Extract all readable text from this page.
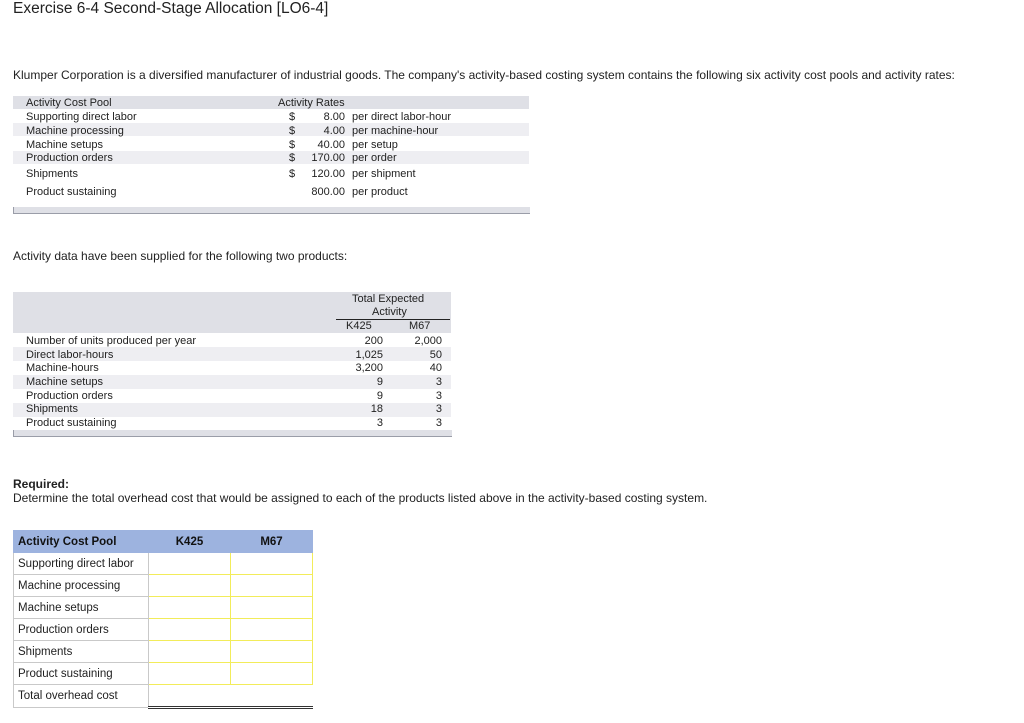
Exercise 6-4 Second-Stage Allocation [LO6-4]
Klumper Corporation is a diversified manufacturer of industrial goods. The company's activity-based costing system contains the following six activity cost pools and activity rates:
Activity Cost Pool	Activity Rates
Supporting direct labor	$	8.00 per direct labor-hour
Machine processing	$	4.00 per machine-hour
Machine setups	$	40.00 per setup
Production orders	$	170.00 per order
Shipments	$	120.00 per shipment
Product sustaining	800.00 per product
Activity data have been supplied for the following two products:
Total Expected
Activity
K425	M67
Number of units produced per year	200	2,000
Direct labor-hours	1,025	50
Machine-hours	3,200	40
Machine setups	9	3
Production orders	9	3
Shipments	18	3
Product sustaining	3	3
Required:
Determine the total overhead cost that would be assigned to each of the products listed above in the activity-based costing system.
Activity Cost Pool	K425	M67
Supporting direct labor		
Machine processing		
Machine setups		
Production orders		
Shipments		
Product sustaining		
Total overhead cost		
